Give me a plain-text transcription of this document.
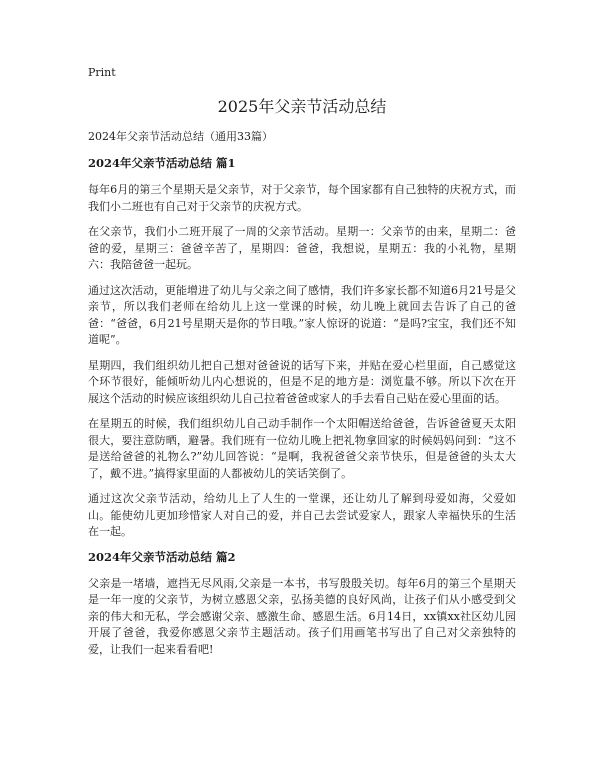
Print
2025年父亲节活动总结
2024年父亲节活动总结（通用33篇）
2024年父亲节活动总结 篇1

每年6月的第三个星期天是父亲节，对于父亲节，每个国家都有自己独特的庆祝方式，而我们小二班也有自己对于父亲节的庆祝方式。

在父亲节，我们小二班开展了一周的父亲节活动。星期一：父亲节的由来，星期二：爸爸的爱，星期三：爸爸辛苦了，星期四：爸爸，我想说，星期五：我的小礼物，星期六：我陪爸爸一起玩。

通过这次活动，更能增进了幼儿与父亲之间了感情，我们许多家长都不知道6月21号是父亲节，所以我们老师在给幼儿上这一堂课的时候，幼儿晚上就回去告诉了自己的爸爸：“爸爸，6月21号星期天是你的节日哦。”家人惊讶的说道：“是吗?宝宝，我们还不知道呢”。

星期四，我们组织幼儿把自己想对爸爸说的话写下来，并贴在爱心栏里面，自己感觉这个环节很好，能倾听幼儿内心想说的，但是不足的地方是：浏览量不够。所以下次在开展这个活动的时候应该组织幼儿自己拉着爸爸或家人的手去看自己贴在爱心里面的话。

在星期五的时候，我们组织幼儿自己动手制作一个太阳帽送给爸爸，告诉爸爸夏天太阳很大，要注意防晒，避暑。我们班有一位幼儿晚上把礼物拿回家的时候妈妈问到：“这不是送给爸爸的礼物么?”幼儿回答说：“是啊，我祝爸爸父亲节快乐，但是爸爸的头太大了，戴不进。”搞得家里面的人都被幼儿的笑话笑倒了。

通过这次父亲节活动，给幼儿上了人生的一堂课，还让幼儿了解到母爱如海，父爱如山。能使幼儿更加珍惜家人对自己的爱，并自己去尝试爱家人，跟家人幸福快乐的生活在一起。

2024年父亲节活动总结 篇2

父亲是一堵墙，遮挡无尽风雨,父亲是一本书，书写殷殷关切。每年6月的第三个星期天是一年一度的父亲节，为树立感恩父亲，弘扬美德的良好风尚，让孩子们从小感受到父亲的伟大和无私，学会感谢父亲、感激生命、感恩生活。6月14日，xx镇xx社区幼儿园开展了爸爸，我爱你感恩父亲节主题活动。孩子们用画笔书写出了自己对父亲独特的爱，让我们一起来看看吧!
